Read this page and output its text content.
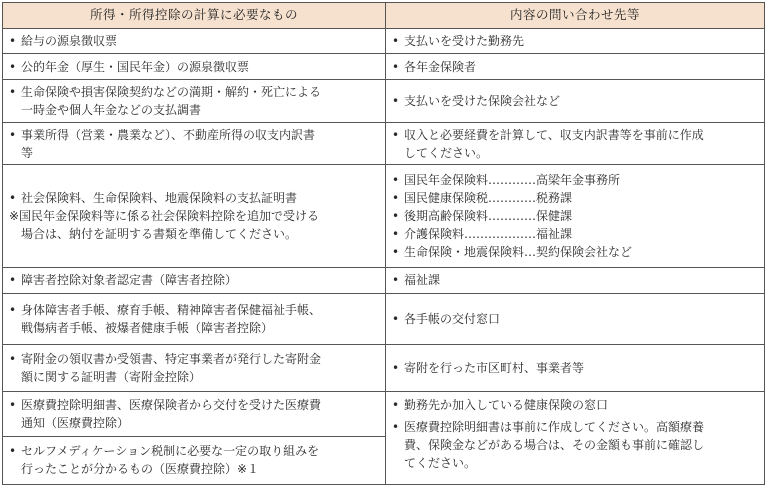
所得・所得控除の計算に必要なもの	内容の問い合わせ先等

• 給与の源泉徴収票	• 支払いを受けた勤務先

• 公的年金（厚生・国民年金）の源泉徴収票	• 各年金保険者

• 生命保険や損害保険契約などの満期・解約・死亡による
一時金や個人年金などの支払調書	• 支払いを受けた保険会社など

• 事業所得（営業・農業など）、不動産所得の収支内訳書
等	• 収入と必要経費を計算して、収支内訳書等を事前に作成
してください。

• 社会保険料、生命保険料、地震保険料の支払証明書
※国民年金保険料等に係る社会保険料控除を追加で受ける
　場合は、納付を証明する書類を準備してください。	• 国民年金保険料…………高梁年金事務所
• 国民健康保険税…………税務課
• 後期高齢保険料…………保健課
• 介護保険料………………福祉課
• 生命保険・地震保険料…契約保険会社など

• 障害者控除対象者認定書（障害者控除）	• 福祉課

• 身体障害者手帳、療育手帳、精神障害者保健福祉手帳、
戦傷病者手帳、被爆者健康手帳（障害者控除）	• 各手帳の交付窓口

• 寄附金の領収書か受領書、特定事業者が発行した寄附金
額に関する証明書（寄附金控除）	• 寄附を行った市区町村、事業者等

• 医療費控除明細書、医療保険者から交付を受けた医療費
通知（医療費控除）	• 勤務先か加入している健康保険の窓口
• 医療費控除明細書は事前に作成してください。高額療養
費、保険金などがある場合は、その金額も事前に確認し
てください。

• セルフメディケーション税制に必要な一定の取り組みを
行ったことが分かるもの（医療費控除）※１	
